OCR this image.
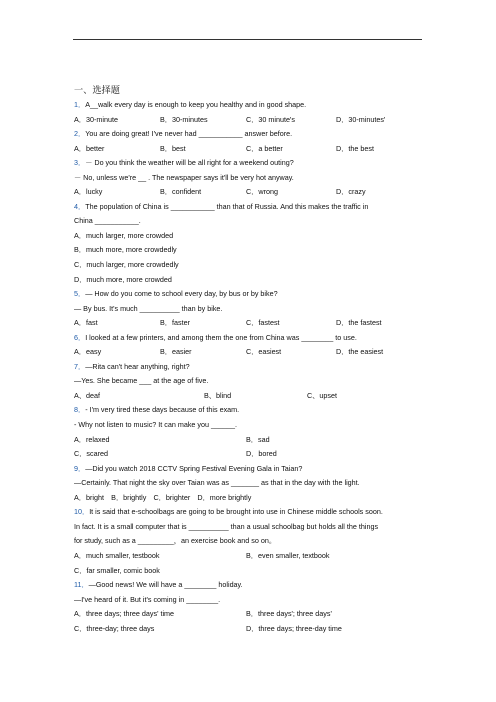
一、选择题
1．A__walk every day is enough to keep you healthy and in good shape.
A．30-minute	B．30-minutes	C．30 minute's	D．30-minutes'
2．You are doing great! I've never had ___________ answer before.
A．better	B．best	C．a better	D．the best
3．－ Do you think the weather will be all right for a weekend outing?
－ No, unless we're __ . The newspaper says it'll be very hot anyway.
A．lucky	B．confident	C．wrong	D．crazy
4．The population of China is ___________ than that of Russia. And this makes the traffic in
China ___________.
A．much larger, more crowded
B．much more, more crowdedly
C．much larger, more crowdedly
D．much more, more crowded
5．— How do you come to school every day, by bus or by bike?
— By bus. It's much __________ than by bike.
A．fast	B．faster	C．fastest	D．the fastest
6．I looked at a few printers, and among them the one from China was ________ to use.
A．easy	B．easier	C．easiest	D．the easiest
7．—Rita can't hear anything, right?
—Yes. She became ___ at the age of five.
A、deaf	B、blind	C、upset
8．- I'm very tired these days because of this exam.
- Why not listen to music? It can make you ______.
A．relaxed	B．sad
C．scared	D．bored
9．—Did you watch 2018 CCTV Spring Festival Evening Gala in Taian?
—Certainly. That night the sky over Taian was as _______ as that in the day with the light.
A．bright　B．brightly　C．brighter　D．more brightly
10．It is said that e-schoolbags are going to be brought into use in Chinese middle schools soon.
In fact. It is a small computer that is __________ than a usual schoolbag but holds all the things
for study, such as a _________，an exercise book and so on。
A．much smaller, testbook	B．even smaller, textbook
C．far smaller, comic book
11．—Good news! We will have a ________ holiday.
—I've heard of it. But it's coming in ________.
A．three days; three days' time	B．three days'; three days'
C．three-day; three days	D．three days; three-day time
